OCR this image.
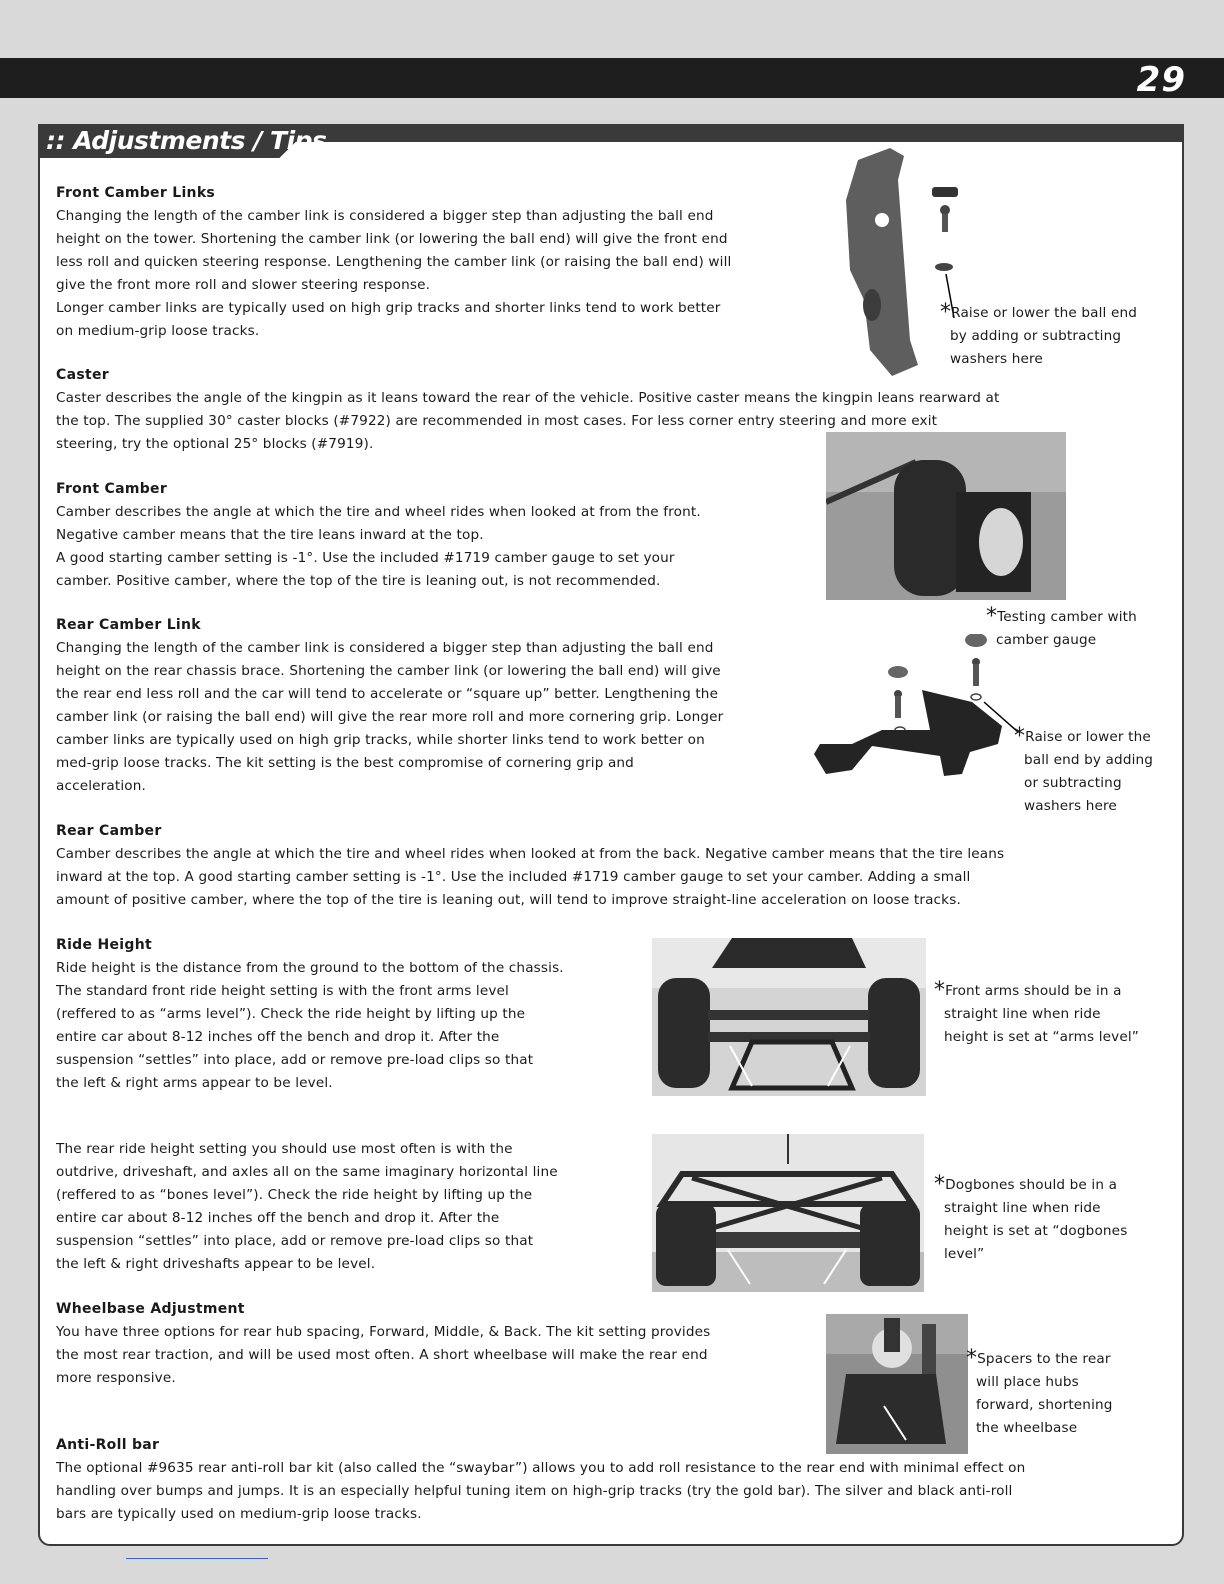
29
:: Adjustments / Tips
Front Camber Links

Changing the length of the camber link is considered a bigger step than adjusting the ball end

height on the tower. Shortening the camber link (or lowering the ball end) will give the front end

less roll and quicken steering response. Lengthening the camber link (or raising the ball end) will

give the front more roll and slower steering response.

Longer camber links are typically used on high grip tracks and shorter links tend to work better

on medium-grip loose tracks.

*Raise or lower the ball end
by adding or subtracting
washers here
Caster

Caster describes the angle of the kingpin as it leans toward the rear of the vehicle. Positive caster means the kingpin leans rearward at

the top. The supplied 30° caster blocks (#7922) are recommended in most cases. For less corner entry steering and more exit

steering, try the optional 25° blocks (#7919).

Front Camber

Camber describes the angle at which the tire and wheel rides when looked at from the front.

Negative camber means that the tire leans inward at the top.

A good starting camber setting is -1°. Use the included #1719 camber gauge to set your

camber. Positive camber, where the top of the tire is leaning out, is not recommended.

*Testing camber with
camber gauge
Rear Camber Link

Changing the length of the camber link is considered a bigger step than adjusting the ball end

height on the rear chassis brace. Shortening the camber link (or lowering the ball end) will give

the rear end less roll and the car will tend to accelerate or “square up” better. Lengthening the

camber link (or raising the ball end) will give the rear more roll and more cornering grip. Longer

camber links are typically used on high grip tracks, while shorter links tend to work better on

med-grip loose tracks. The kit setting is the best compromise of cornering grip and

acceleration.

*Raise or lower the
ball end by adding
or subtracting
washers here
Rear Camber

Camber describes the angle at which the tire and wheel rides when looked at from the back. Negative camber means that the tire leans

inward at the top. A good starting camber setting is -1°. Use the included #1719 camber gauge to set your camber. Adding a small

amount of positive camber, where the top of the tire is leaning out, will tend to improve straight-line acceleration on loose tracks.

Ride Height

Ride height is the distance from the ground to the bottom of the chassis.

The standard front ride height setting is with the front arms level

(reffered to as “arms level”). Check the ride height by lifting up the

entire car about 8-12 inches off the bench and drop it. After the

suspension “settles” into place, add or remove pre-load clips so that

the left & right arms appear to be level.

*Front arms should be in a
straight line when ride
height is set at “arms level”

The rear ride height setting you should use most often is with the

outdrive, driveshaft, and axles all on the same imaginary horizontal line

(reffered to as “bones level”). Check the ride height by lifting up the

entire car about 8-12 inches off the bench and drop it. After the

suspension “settles” into place, add or remove pre-load clips so that

the left & right driveshafts appear to be level.

*Dogbones should be in a
straight line when ride
height is set at “dogbones
level”
Wheelbase Adjustment

You have three options for rear hub spacing, Forward, Middle, & Back. The kit setting provides

the most rear traction, and will be used most often. A short wheelbase will make the rear end

more responsive.

*Spacers to the rear
will place hubs
forward, shortening
the wheelbase
Anti-Roll bar

The optional #9635 rear anti-roll bar kit (also called the “swaybar”) allows you to add roll resistance to the rear end with minimal effect on

handling over bumps and jumps. It is an especially helpful tuning item on high-grip tracks (try the gold bar). The silver and black anti-roll

bars are typically used on medium-grip loose tracks.
